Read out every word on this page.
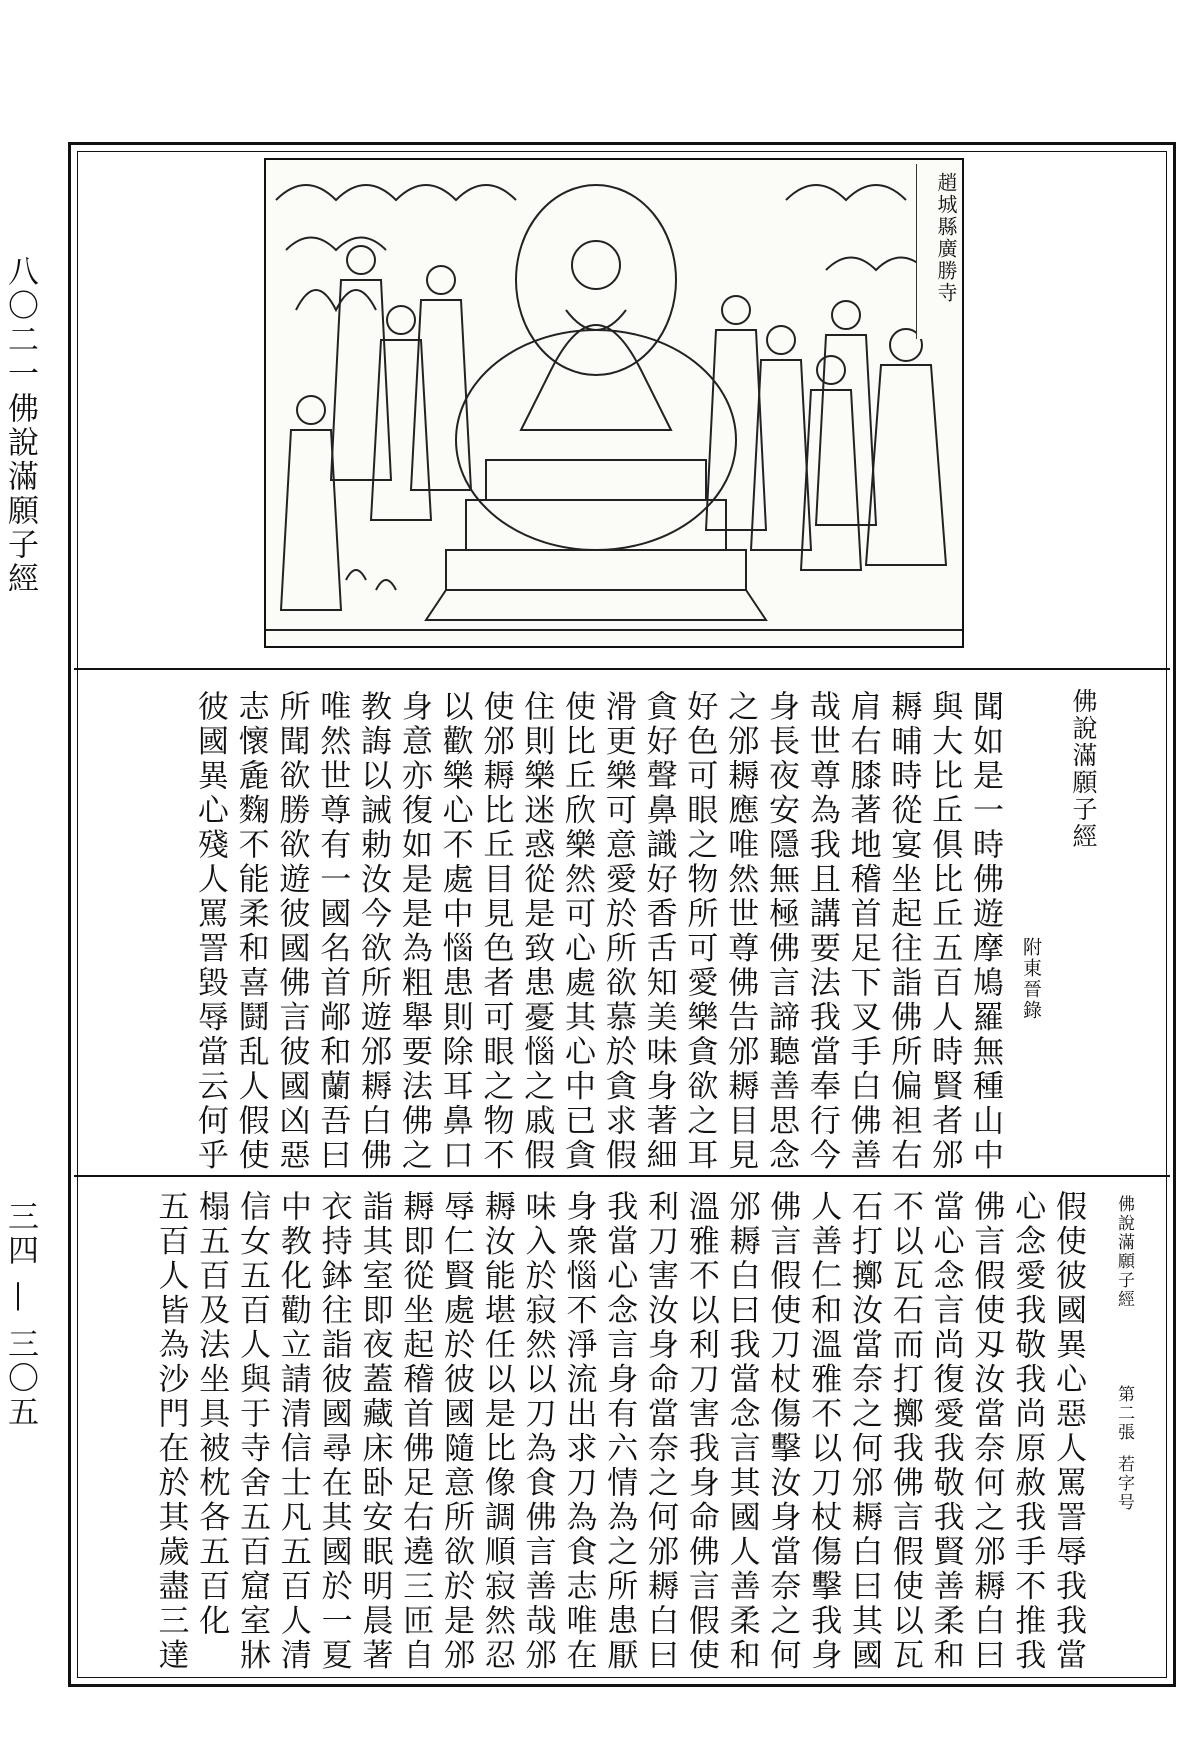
八〇二一
佛說滿願子經
三四 — 三〇五
趙城縣廣勝寺
佛說滿願子經
附東晉錄
聞如是一時佛遊摩鳩羅無種山中
與大比丘俱比丘五百人時賢者邠
耨晡時從宴坐起往詣佛所偏袒右
肩右膝著地稽首足下叉手白佛善
哉世尊為我且講要法我當奉行今
身長夜安隱無極佛言諦聽善思念
之邠耨應唯然世尊佛告邠耨目見
好色可眼之物所可愛樂貪欲之耳
貪好聲鼻識好香舌知美味身著細
滑更樂可意愛於所欲慕於貪求假
使比丘欣樂然可心處其心中已貪
住則樂迷惑從是致患憂惱之戚假
使邠耨比丘目見色者可眼之物不
以歡樂心不處中惱患則除耳鼻口
身意亦復如是是為粗舉要法佛之
教誨以誡勅汝今欲所遊邠耨白佛
唯然世尊有一國名首䣊和蘭吾曰
所聞欲勝欲遊彼國佛言彼國凶惡
志懷麁麴不能柔和喜鬪乱人假使
彼國異心殘人罵詈毀辱當云何乎
佛說滿願子經
第二張
若字号
假使彼國異心惡人罵詈辱我我當
心念愛我敬我尚原赦我手不推我
佛言假使刄汝當奈何之邠耨白曰
當心念言尚復愛我敬我賢善柔和
不以瓦石而打擲我佛言假使以瓦
石打擲汝當奈之何邠耨白曰其國
人善仁和溫雅不以刀杖傷擊我身
佛言假使刀杖傷擊汝身當奈之何
邠耨白曰我當念言其國人善柔和
溫雅不以利刀害我身命佛言假使
利刀害汝身命當奈之何邠耨白曰
我當心念言身有六情為之所患厭
身衆惱不淨流出求刀為食志唯在
味入於寂然以刀為食佛言善哉邠
耨汝能堪任以是比像調順寂然忍
辱仁賢處於彼國隨意所欲於是邠
耨即從坐起稽首佛足右遶三匝自
詣其室即夜蓋藏床卧安眠明晨著
衣持鉢往詣彼國尋在其國於一夏
中教化勸立請清信士凡五百人清
信女五百人與于寺舍五百窟室牀
榻五百及法坐具被枕各五百化
五百人皆為沙門在於其歲盡三達
